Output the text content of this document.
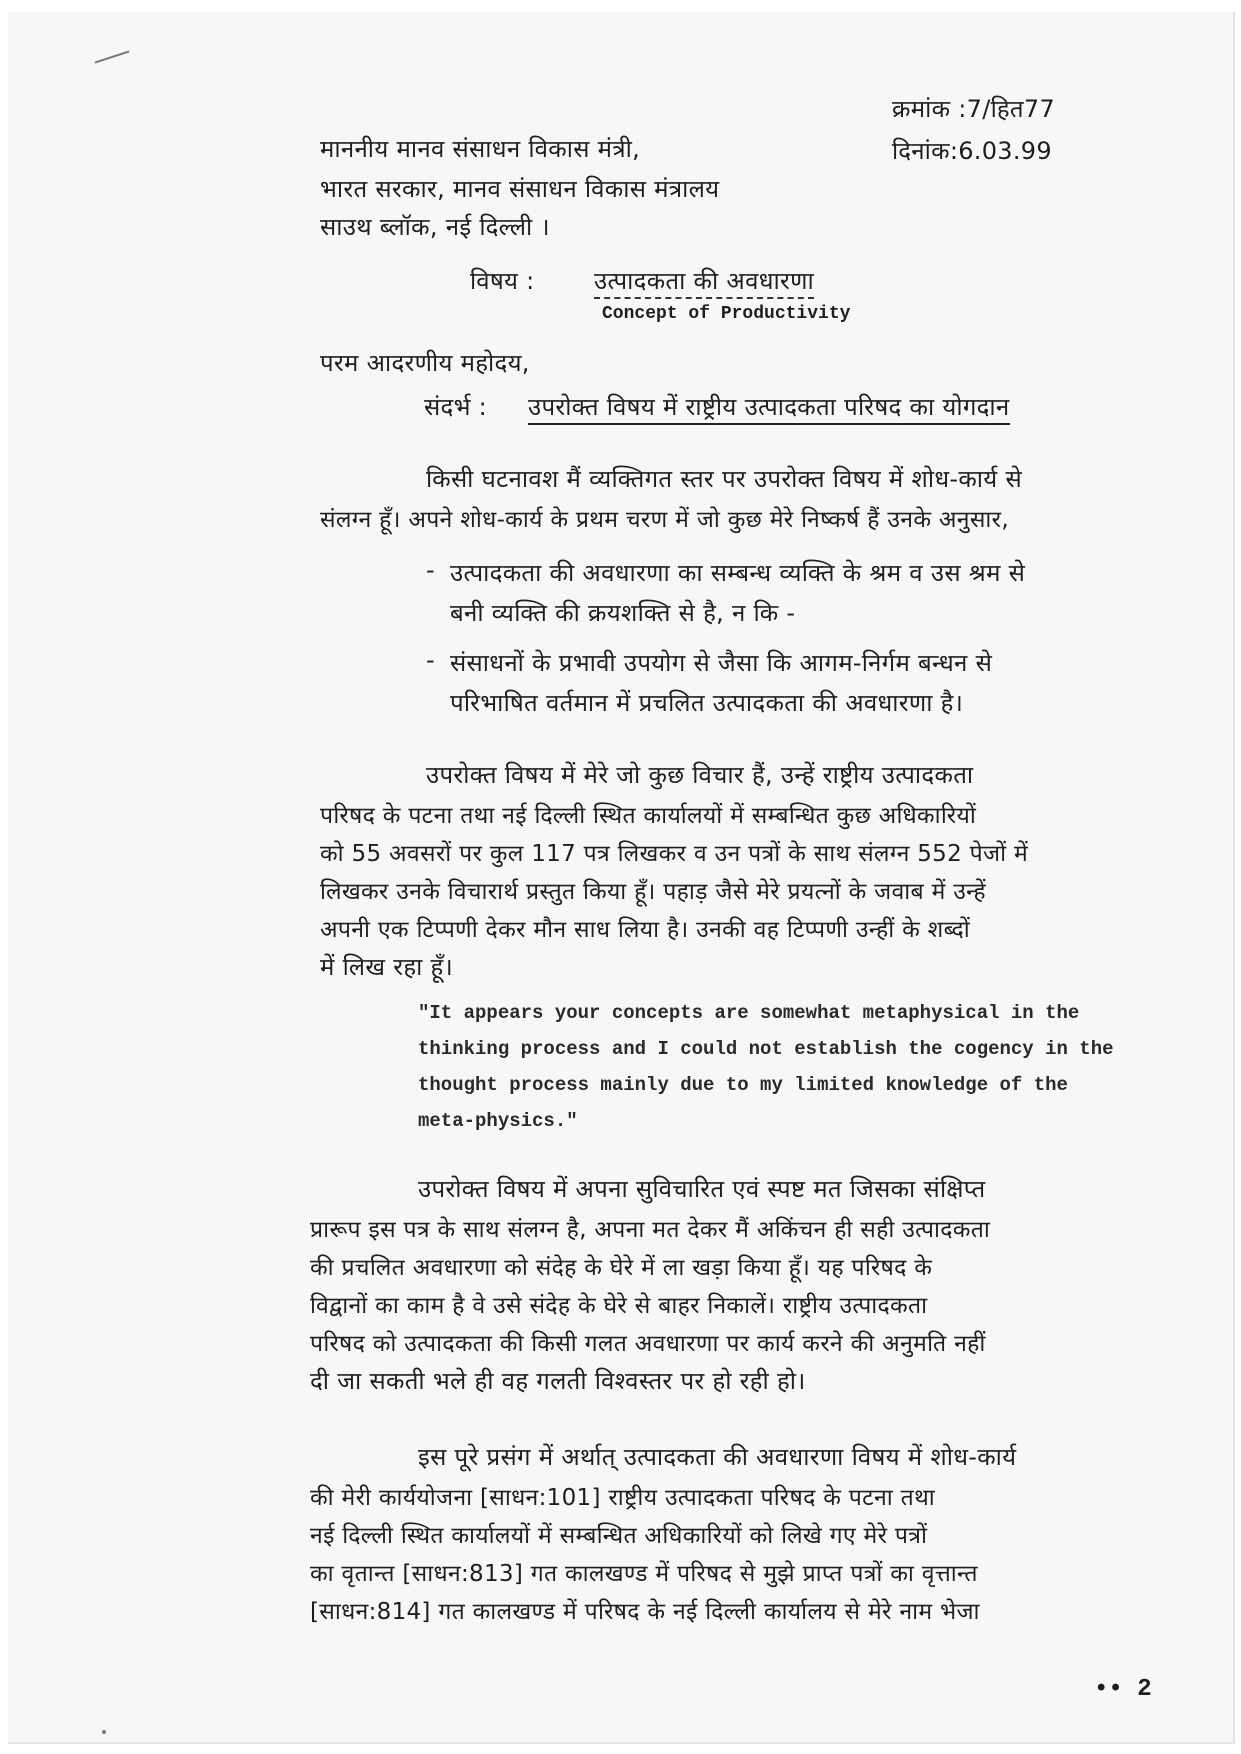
क्रमांक :7/हित77
दिनांक:6.03.99
माननीय मानव संसाधन विकास मंत्री,
भारत सरकार, मानव संसाधन विकास मंत्रालय
साउथ ब्लॉक, नई दिल्ली ।
विषय : उत्पादकता की अवधारणा
Concept of Productivity
परम आदरणीय महोदय,
संदर्भ : उपरोक्त विषय में राष्ट्रीय उत्पादकता परिषद का योगदान
किसी घटनावश मैं व्यक्तिगत स्तर पर उपरोक्त विषय में शोध-कार्य से
संलग्न हूँ। अपने शोध-कार्य के प्रथम चरण में जो कुछ मेरे निष्कर्ष हैं उनके अनुसार,
- उत्पादकता की अवधारणा का सम्बन्ध व्यक्ति के श्रम व उस श्रम से
बनी व्यक्ति की क्रयशक्ति से है, न कि -
- संसाधनों के प्रभावी उपयोग से जैसा कि आगम-निर्गम बन्धन से
परिभाषित वर्तमान में प्रचलित उत्पादकता की अवधारणा है।
उपरोक्त विषय में मेरे जो कुछ विचार हैं, उन्हें राष्ट्रीय उत्पादकता
परिषद के पटना तथा नई दिल्ली स्थित कार्यालयों में सम्बन्धित कुछ अधिकारियों
को 55 अवसरों पर कुल 117 पत्र लिखकर व उन पत्रों के साथ संलग्न 552 पेजों में
लिखकर उनके विचारार्थ प्रस्तुत किया हूँ। पहाड़ जैसे मेरे प्रयत्नों के जवाब में उन्हें
अपनी एक टिप्पणी देकर मौन साध लिया है। उनकी वह टिप्पणी उन्हीं के शब्दों
में लिख रहा हूँ।
"It appears your concepts are somewhat metaphysical in the
thinking process and I could not establish the cogency in the
thought process mainly due to my limited knowledge of the
meta-physics."
उपरोक्त विषय में अपना सुविचारित एवं स्पष्ट मत जिसका संक्षिप्त
प्रारूप इस पत्र के साथ संलग्न है, अपना मत देकर मैं अकिंचन ही सही उत्पादकता
की प्रचलित अवधारणा को संदेह के घेरे में ला खड़ा किया हूँ। यह परिषद के
विद्वानों का काम है वे उसे संदेह के घेरे से बाहर निकालें। राष्ट्रीय उत्पादकता
परिषद को उत्पादकता की किसी गलत अवधारणा पर कार्य करने की अनुमति नहीं
दी जा सकती भले ही वह गलती विश्वस्तर पर हो रही हो।
इस पूरे प्रसंग में अर्थात् उत्पादकता की अवधारणा विषय में शोध-कार्य
की मेरी कार्ययोजना [साधन:101] राष्ट्रीय उत्पादकता परिषद के पटना तथा
नई दिल्ली स्थित कार्यालयों में सम्बन्धित अधिकारियों को लिखे गए मेरे पत्रों
का वृतान्त [साधन:813] गत कालखण्ड में परिषद से मुझे प्राप्त पत्रों का वृत्तान्त
[साधन:814] गत कालखण्ड में परिषद के नई दिल्ली कार्यालय से मेरे नाम भेजा
•• 2
